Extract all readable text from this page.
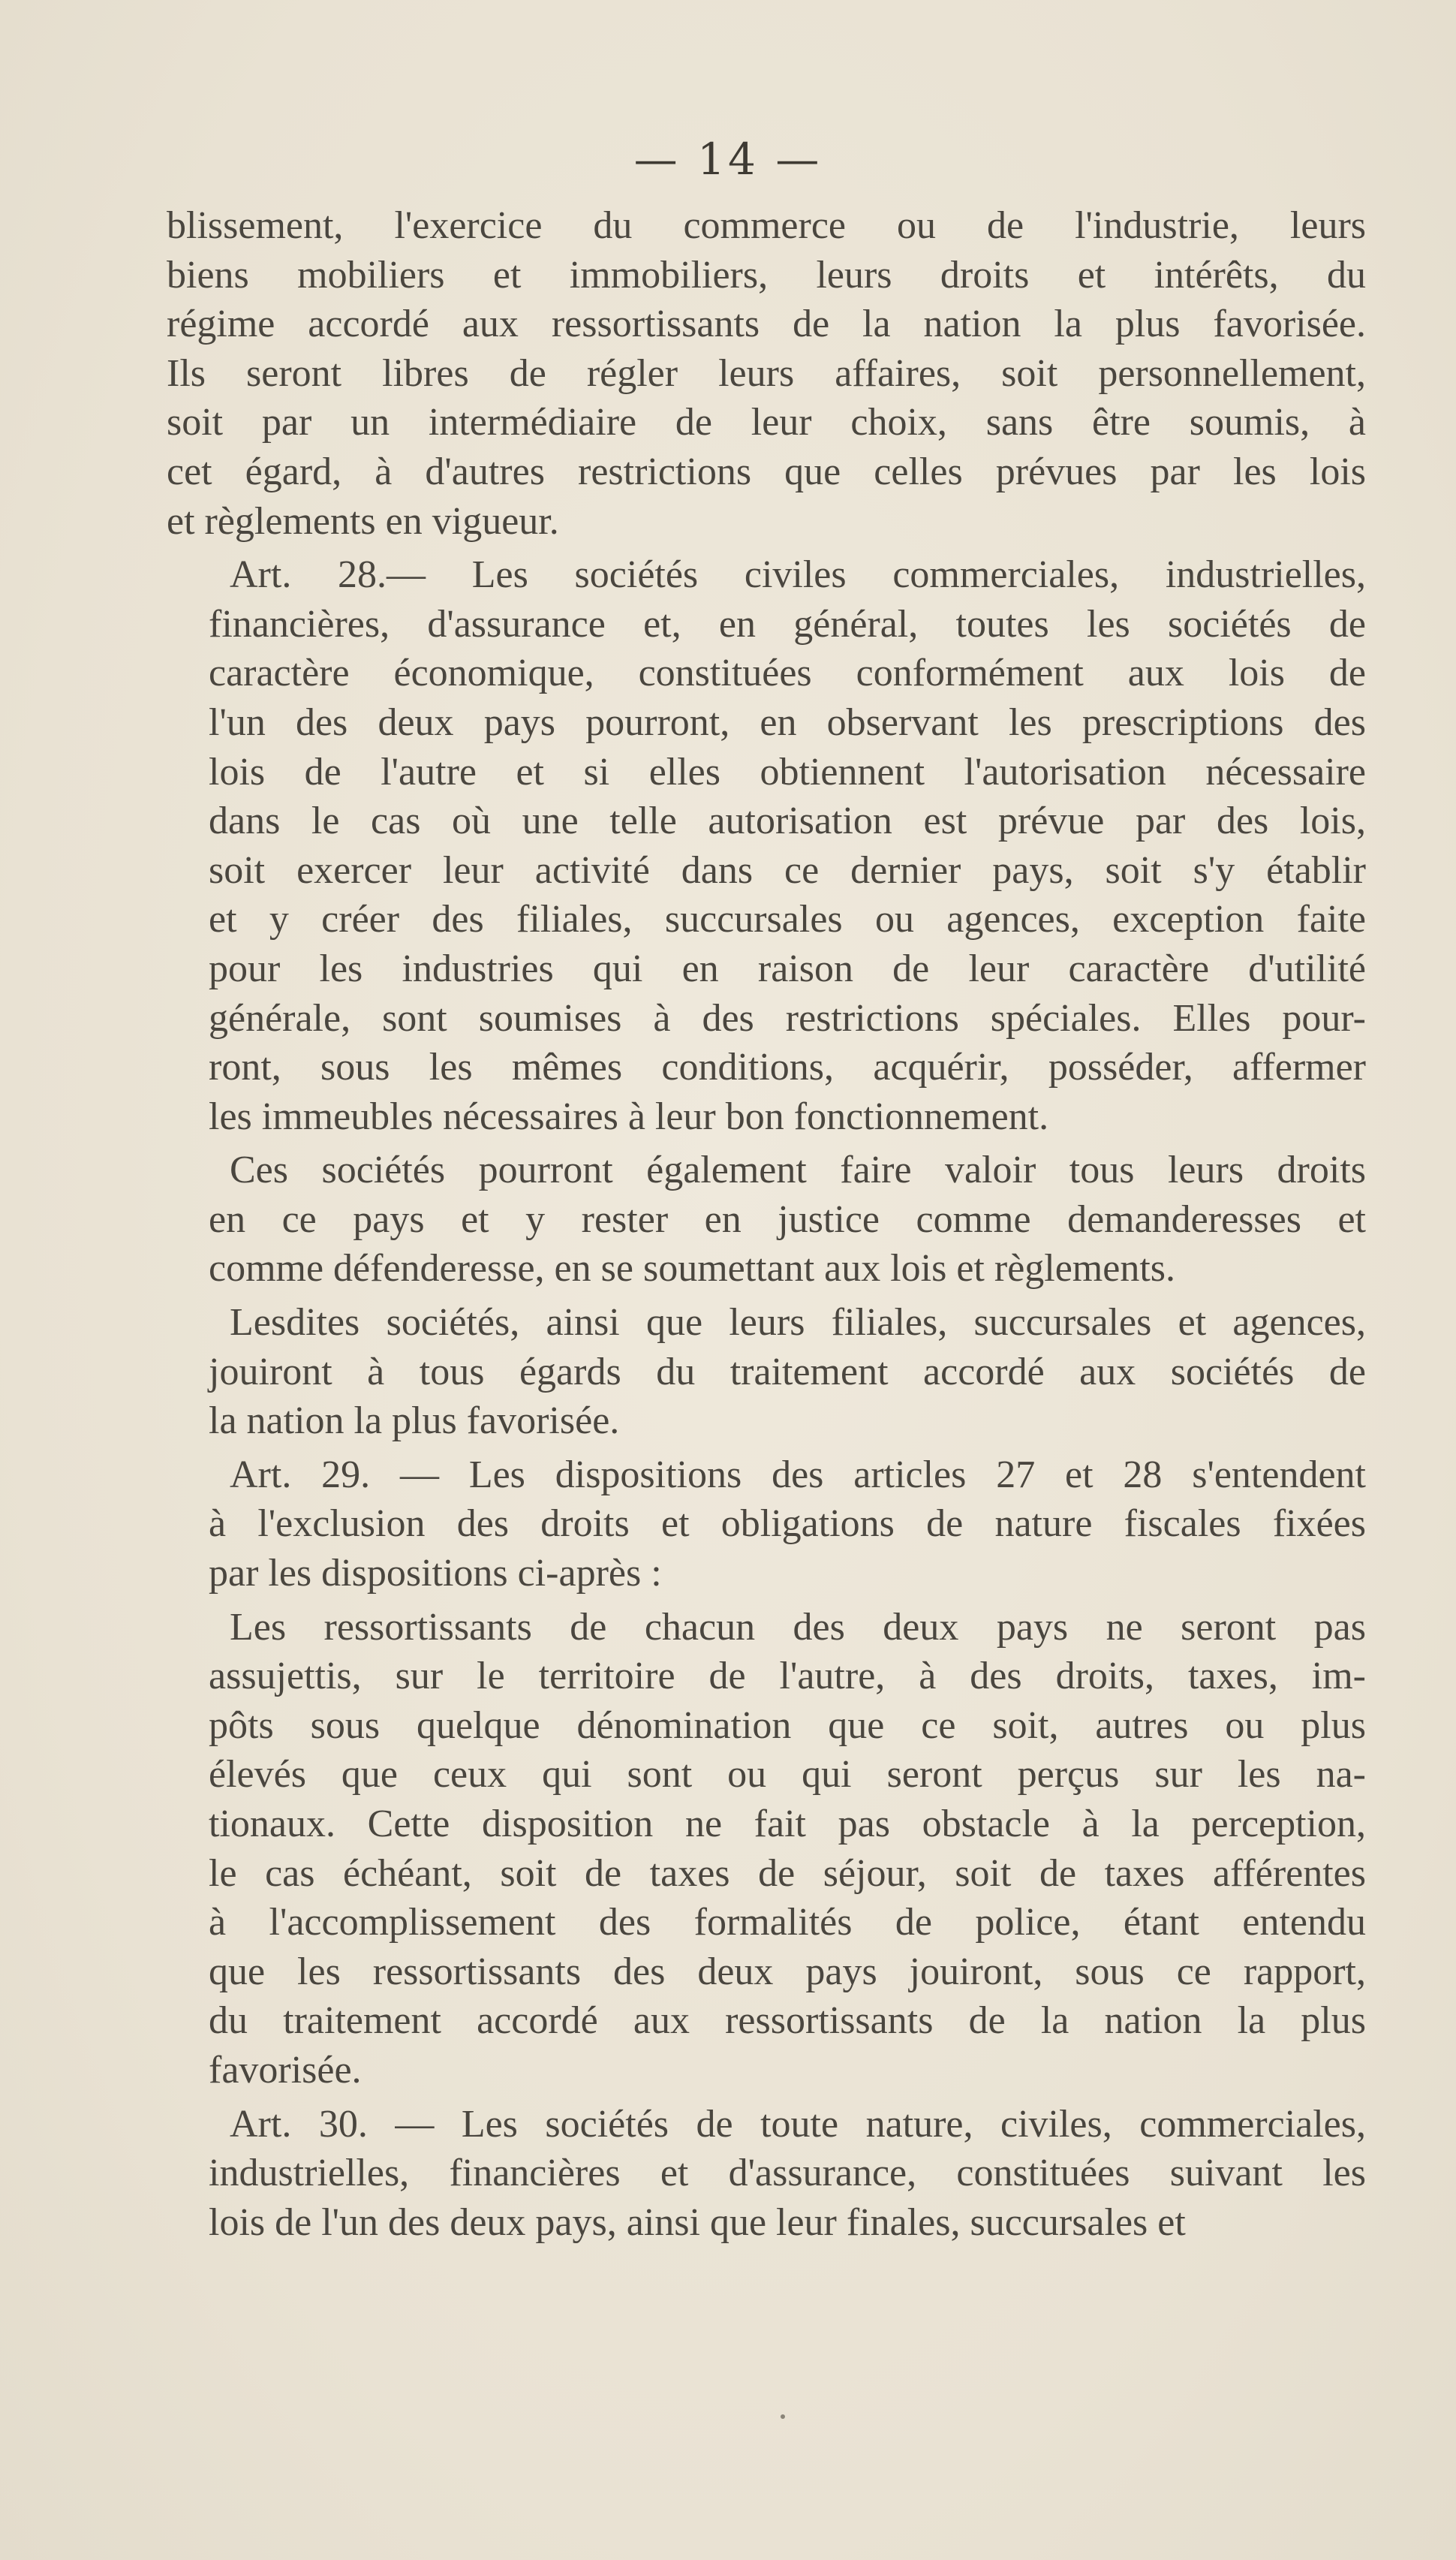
— 14 —

blissement, l'exercice du commerce ou de l'industrie, leurs
biens mobiliers et immobiliers, leurs droits et intérêts, du
régime accordé aux ressortissants de la nation la plus favorisée.
Ils seront libres de régler leurs affaires, soit personnellement,
soit par un intermédiaire de leur choix, sans être soumis, à
cet égard, à d'autres restrictions que celles prévues par les lois
et règlements en vigueur.

Art. 28.— Les sociétés civiles commerciales, industrielles,
financières, d'assurance et, en général, toutes les sociétés de
caractère économique, constituées conformément aux lois de
l'un des deux pays pourront, en observant les prescriptions des
lois de l'autre et si elles obtiennent l'autorisation nécessaire
dans le cas où une telle autorisation est prévue par des lois,
soit exercer leur activité dans ce dernier pays, soit s'y établir
et y créer des filiales, succursales ou agences, exception faite
pour les industries qui en raison de leur caractère d'utilité
générale, sont soumises à des restrictions spéciales. Elles pour-
ront, sous les mêmes conditions, acquérir, posséder, affermer
les immeubles nécessaires à leur bon fonctionnement.

Ces sociétés pourront également faire valoir tous leurs droits
en ce pays et y rester en justice comme demanderesses et
comme défenderesse, en se soumettant aux lois et règlements.

Lesdites sociétés, ainsi que leurs filiales, succursales et agences,
jouiront à tous égards du traitement accordé aux sociétés de
la nation la plus favorisée.

Art. 29. — Les dispositions des articles 27 et 28 s'entendent
à l'exclusion des droits et obligations de nature fiscales fixées
par les dispositions ci-après :

Les ressortissants de chacun des deux pays ne seront pas
assujettis, sur le territoire de l'autre, à des droits, taxes, im-
pôts sous quelque dénomination que ce soit, autres ou plus
élevés que ceux qui sont ou qui seront perçus sur les na-
tionaux. Cette disposition ne fait pas obstacle à la perception,
le cas échéant, soit de taxes de séjour, soit de taxes afférentes
à l'accomplissement des formalités de police, étant entendu
que les ressortissants des deux pays jouiront, sous ce rapport,
du traitement accordé aux ressortissants de la nation la plus
favorisée.

Art. 30. — Les sociétés de toute nature, civiles, commerciales,
industrielles, financières et d'assurance, constituées suivant les
lois de l'un des deux pays, ainsi que leur finales, succursales et
